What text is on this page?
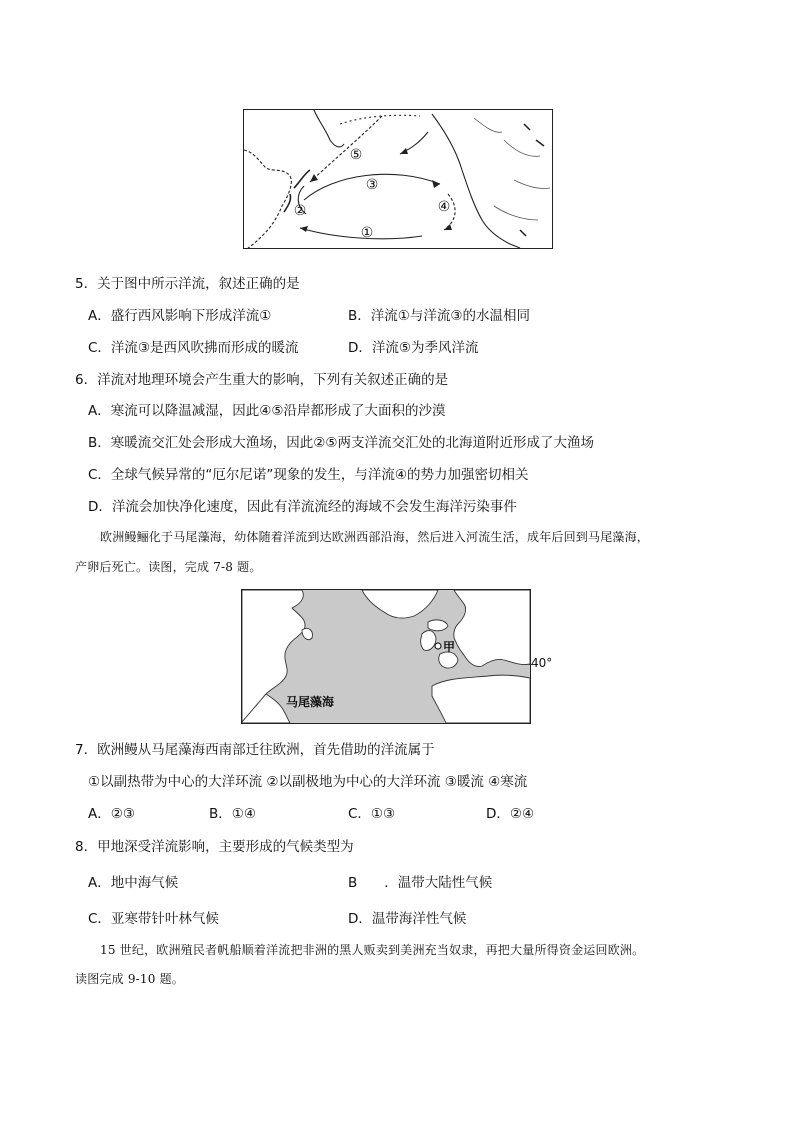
①
②
③
④
⑤
5．关于图中所示洋流，叙述正确的是
A．盛行西风影响下形成洋流①	B．洋流①与洋流③的水温相同
C．洋流③是西风吹拂而形成的暖流	D．洋流⑤为季风洋流
6．洋流对地理环境会产生重大的影响，下列有关叙述正确的是
A．寒流可以降温减湿，因此④⑤沿岸都形成了大面积的沙漠
B．寒暖流交汇处会形成大渔场，因此②⑤两支洋流交汇处的北海道附近形成了大渔场
C．全球气候异常的“厄尔尼诺”现象的发生，与洋流④的势力加强密切相关
D．洋流会加快净化速度，因此有洋流流经的海域不会发生海洋污染事件
欧洲鳗鲡化于马尾藻海，幼体随着洋流到达欧洲西部沿海，然后进入河流生活，成年后回到马尾藻海，
产卵后死亡。读图，完成 7-8 题。
甲
马尾藻海
40°
7．欧洲鳗从马尾藻海西南部迁往欧洲，首先借助的洋流属于
①以副热带为中心的大洋环流 ②以副极地为中心的大洋环流 ③暖流 ④寒流
A．②③	B．①④	C．①③	D．②④
8．甲地深受洋流影响，主要形成的气候类型为
A．地中海气候	B　　．温带大陆性气候
C．亚寒带针叶林气候	D．温带海洋性气候
15 世纪，欧洲殖民者帆船顺着洋流把非洲的黑人贩卖到美洲充当奴隶，再把大量所得资金运回欧洲。
读图完成 9-10 题。
